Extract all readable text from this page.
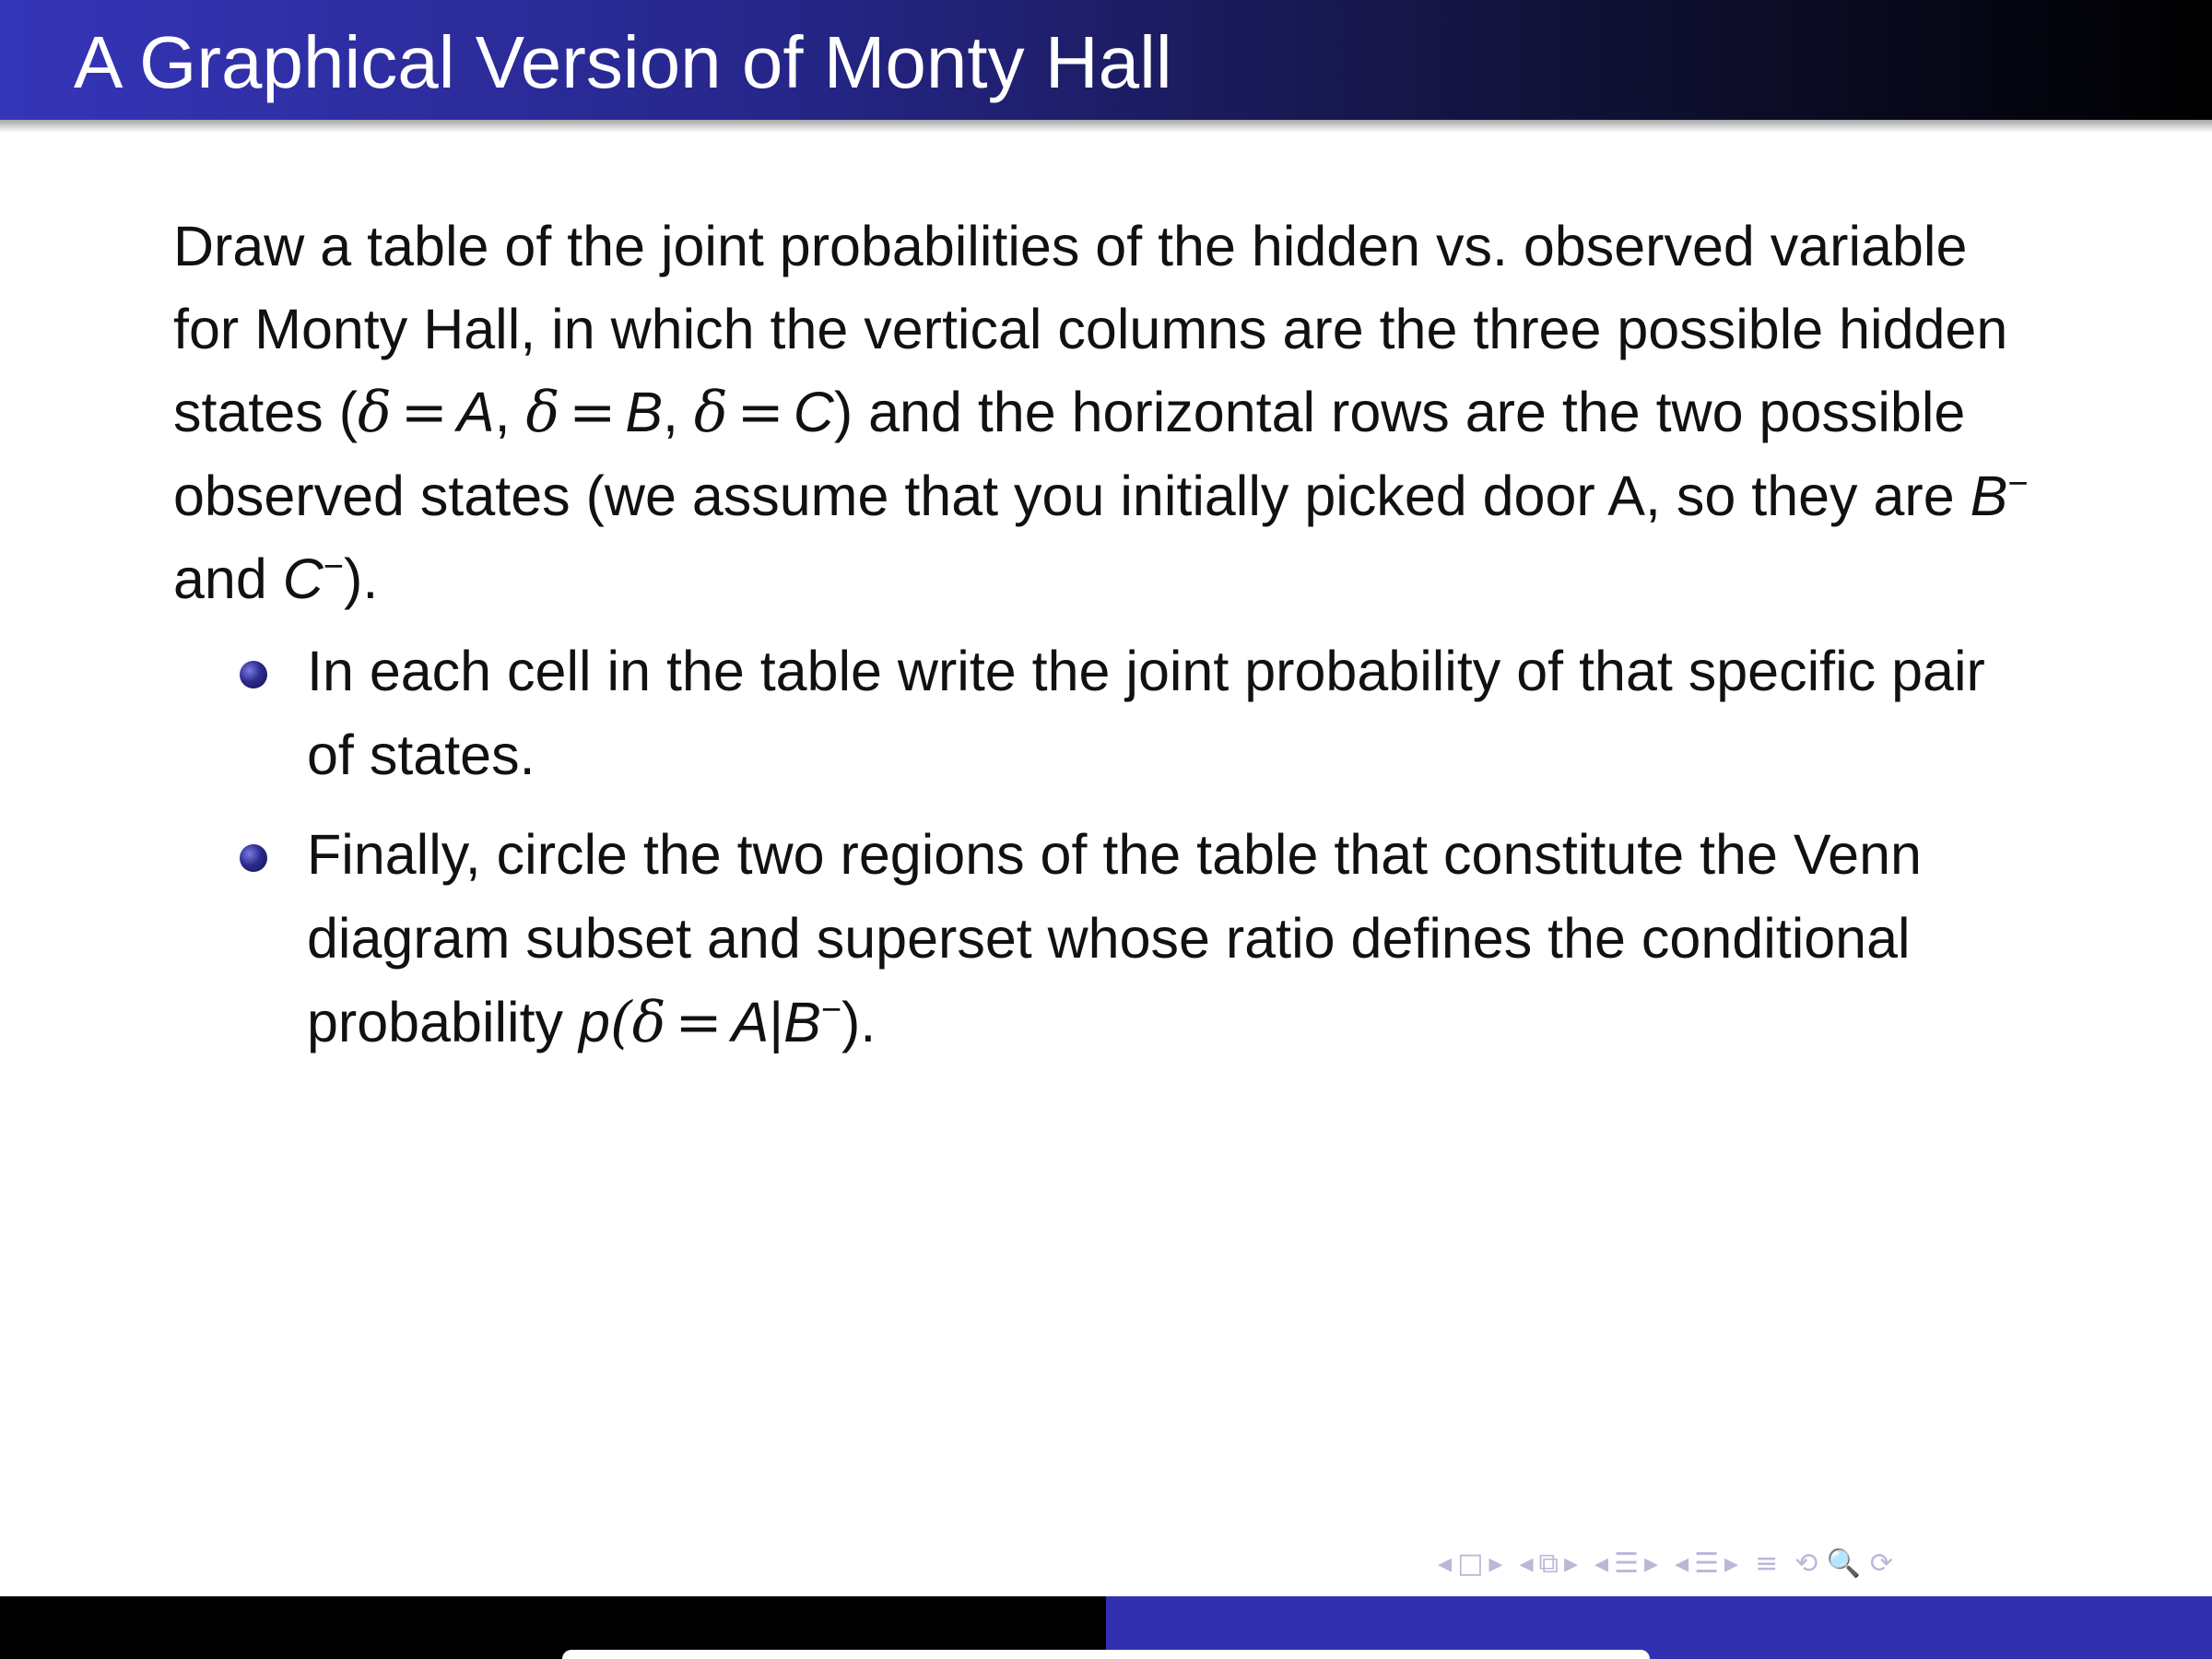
A Graphical Version of Monty Hall

Draw a table of the joint probabilities of the hidden vs. observed variable for Monty Hall, in which the vertical columns are the three possible hidden states (δ = A, δ = B, δ = C) and the horizontal rows are the two possible observed states (we assume that you initially picked door A, so they are B− and C−).

In each cell in the table write the joint probability of that specific pair of states.
Finally, circle the two regions of the table that constitute the Venn diagram subset and superset whose ratio defines the conditional probability p(δ = A|B−).
◂ □ ▸ ◂ ⧉ ▸ ◂ ☰ ▸ ◂ ☰ ▸ ≡ ⟲ 🔍 ⟳
